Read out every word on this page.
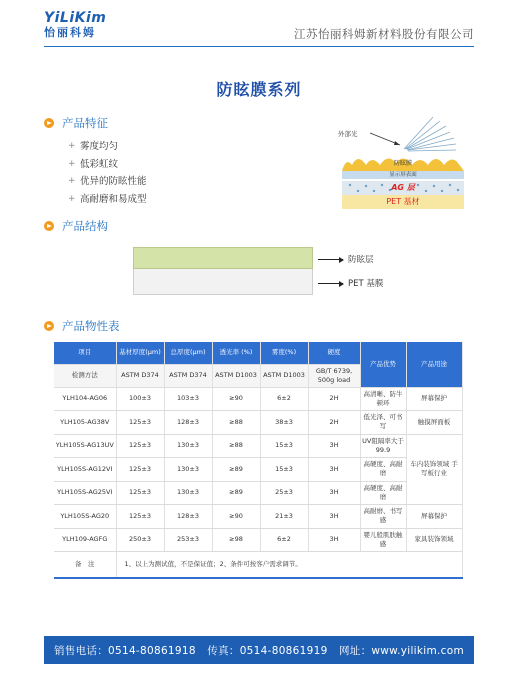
YiLiKim
怡丽科姆	江苏怡丽科姆新材料股份有限公司
防眩膜系列
产品特征
+ 雾度均匀
+ 低彩虹纹
+ 优异的防眩性能
+ 高耐磨和易成型
外部光
防眩膜
显示屏表面
AG 层
PET 基材
产品结构
防眩层
PET 基膜
产品物性表
项目	基材厚度(μm)	总厚度(μm)	透光率 (%)	雾度(%)	硬度	产品优势	产品用途
检测方法	ASTM D374	ASTM D374	ASTM D1003	ASTM D1003	GB/T 6739, 500g load		
YLH104-AG06	100±3	103±3	≥90	6±2	2H	高清晰、防牛顿环	屏幕保护
YLH105-AG38V	125±3	128±3	≥88	38±3	2H	低光泽、可书写	触摸屏面板
YLH105S-AG13UV	125±3	130±3	≥88	15±3	3H	UV阻隔率大于99.9	车内装饰领域 手写板行业
YLH105S-AG12VI	125±3	130±3	≥89	15±3	3H	高硬度、高耐磨	
YLH105S-AG25VI	125±3	130±3	≥89	25±3	3H	高硬度、高耐磨	
YLH105S-AG20	125±3	128±3	≥90	21±3	3H	高耐磨、书写感	屏幕保护
YLH109-AGFG	250±3	253±3	≥98	6±2	3H	婴儿般肌肤触感	家具装饰领域
备　注	1、以上为测试值，不是保证值；2、条件可按客户需求调节。						
销售电话：0514-80861918 传真：0514-80861919 网址：www.yilikim.com
